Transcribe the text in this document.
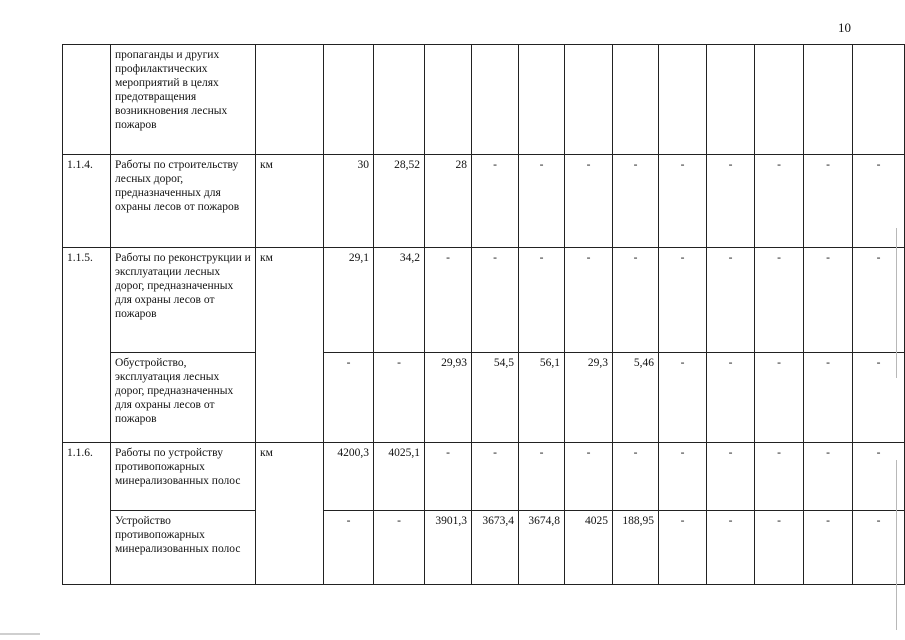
10
	пропаганды и других профилактических мероприятий в целях предотвращения возникновения лесных пожаров													
1.1.4.	Работы по строительству лесных дорог, предназначенных для охраны лесов от пожаров	км	30	28,52	28	-	-	-	-	-	-	-	-	-
1.1.5.	Работы по реконструкции и эксплуатации лесных дорог, предназначенных для охраны лесов от пожаров	км	29,1	34,2	-	-	-	-	-	-	-	-	-	-
	Обустройство, эксплуатация лесных дорог, предназначенных для охраны лесов от пожаров		-	-	29,93	54,5	56,1	29,3	5,46	-	-	-	-	-
1.1.6.	Работы по устройству противопожарных минерализованных полос	км	4200,3	4025,1	-	-	-	-	-	-	-	-	-	-
	Устройство противопожарных минерализованных полос		-	-	3901,3	3673,4	3674,8	4025	188,95	-	-	-	-	-
